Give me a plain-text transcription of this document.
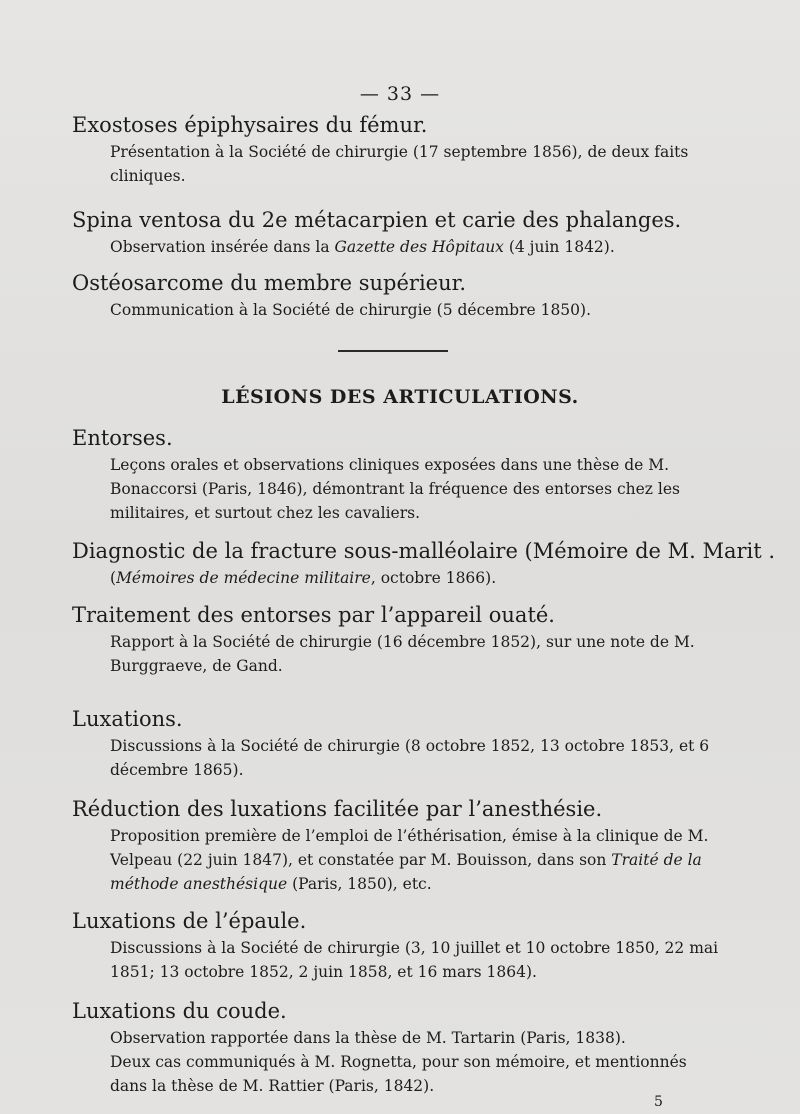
— 33 —
Exostoses épiphysaires du fémur.

Présentation à la Société de chirurgie (17 septembre 1856), de deux faits cliniques.

Spina ventosa du 2e métacarpien et carie des phalanges.

Observation insérée dans la Gazette des Hôpitaux (4 juin 1842).

Ostéosarcome du membre supérieur.

Communication à la Société de chirurgie (5 décembre 1850).

LÉSIONS DES ARTICULATIONS.
Entorses.

Leçons orales et observations cliniques exposées dans une thèse de M. Bonaccorsi (Paris, 1846), démontrant la fréquence des entorses chez les militaires, et surtout chez les cavaliers.

Diagnostic de la fracture sous-malléolaire (Mémoire de M. Marit .

(Mémoires de médecine militaire, octobre 1866).

Traitement des entorses par l’appareil ouaté.

Rapport à la Société de chirurgie (16 décembre 1852), sur une note de M. Burggraeve, de Gand.

Luxations.

Discussions à la Société de chirurgie (8 octobre 1852, 13 octobre 1853, et 6 décembre 1865).

Réduction des luxations facilitée par l’anesthésie.

Proposition première de l’emploi de l’éthérisation, émise à la clinique de M. Velpeau (22 juin 1847), et constatée par M. Bouisson, dans son Traité de la méthode anesthésique (Paris, 1850), etc.

Luxations de l’épaule.

Discussions à la Société de chirurgie (3, 10 juillet et 10 octobre 1850, 22 mai 1851; 13 octobre 1852, 2 juin 1858, et 16 mars 1864).

Luxations du coude.

Observation rapportée dans la thèse de M. Tartarin (Paris, 1838).

Deux cas communiqués à M. Rognetta, pour son mémoire, et mentionnés dans la thèse de M. Rattier (Paris, 1842).

5
